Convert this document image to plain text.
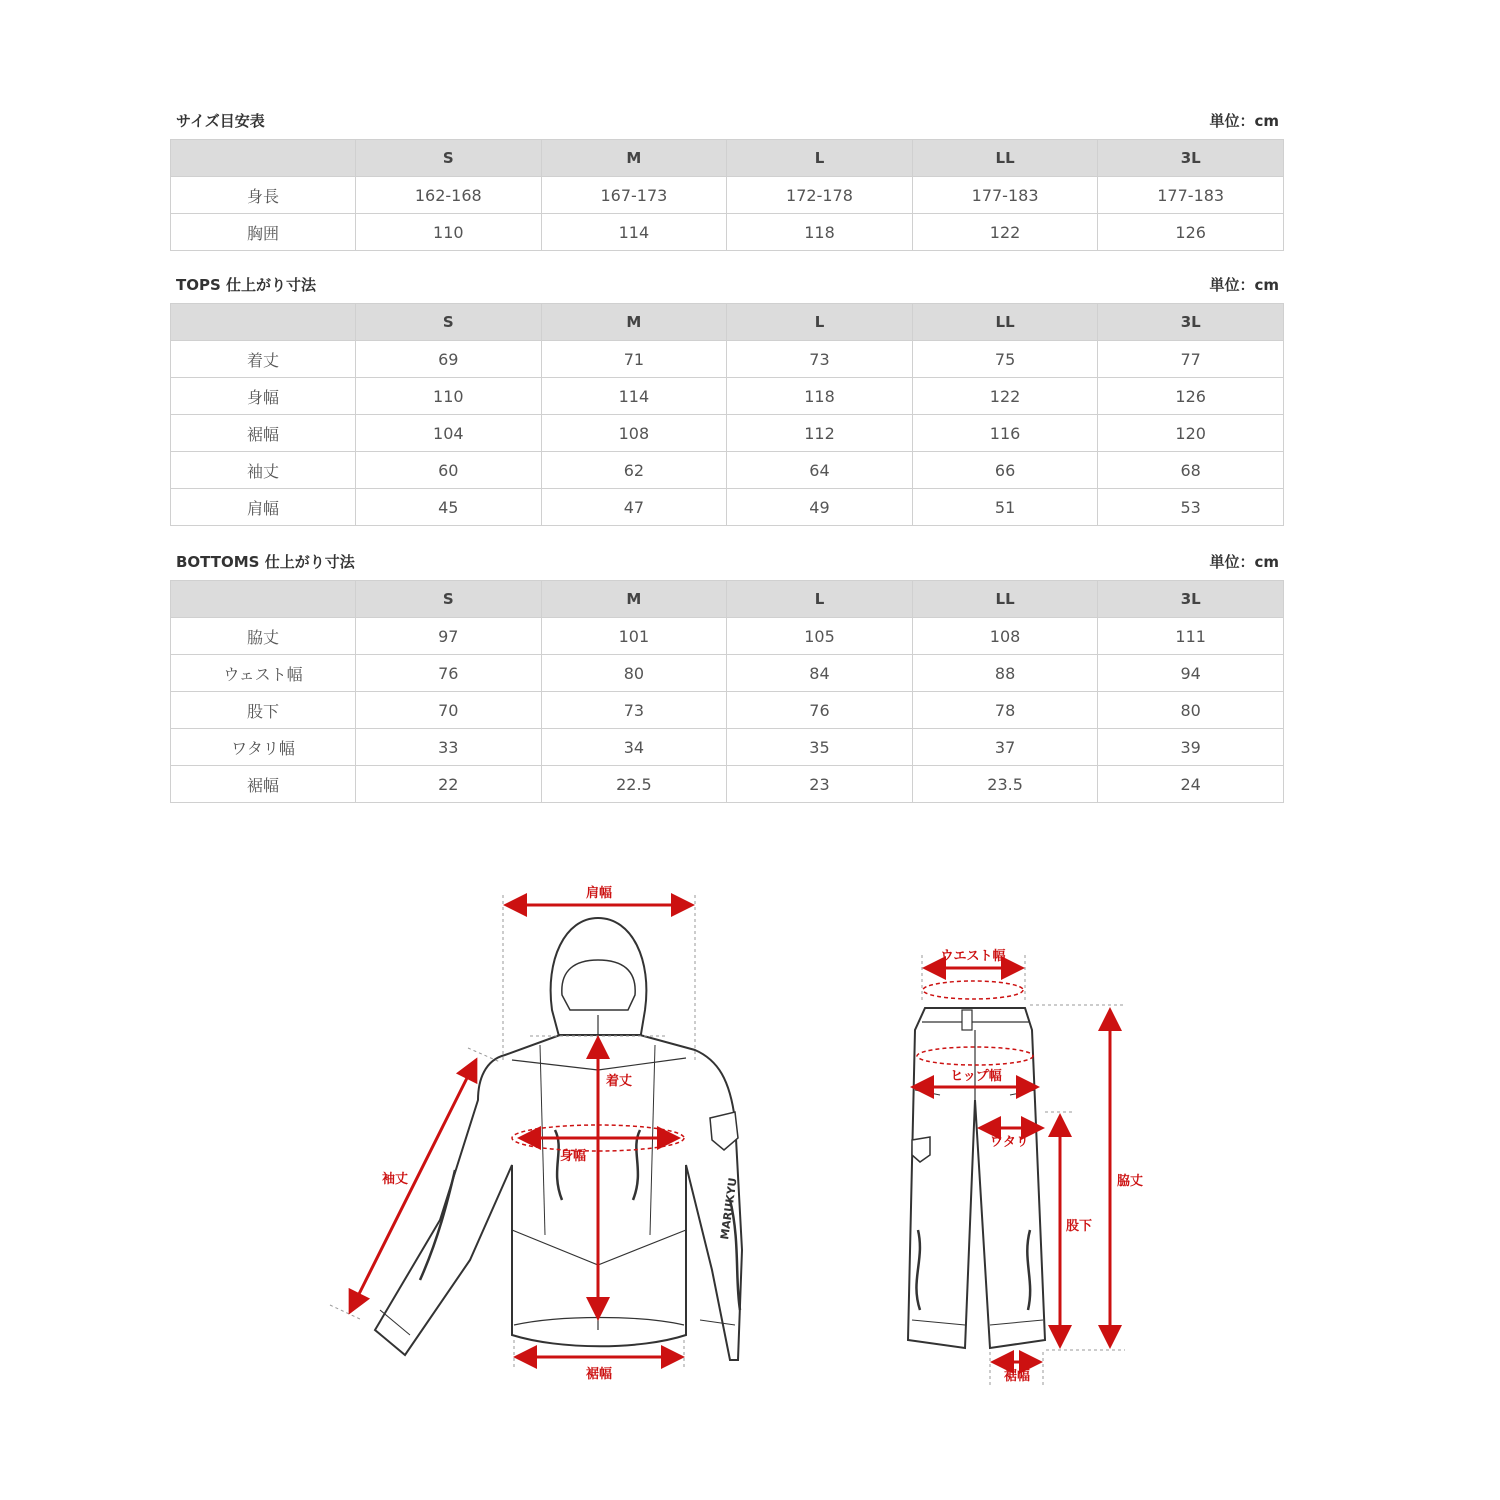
サイズ目安表	単位：cm
	S	M	L	LL	3L
身長	162-168	167-173	172-178	177-183	177-183
胸囲	110	114	118	122	126
TOPS 仕上がり寸法	単位：cm
	S	M	L	LL	3L
着丈	69	71	73	75	77
身幅	110	114	118	122	126
裾幅	104	108	112	116	120
袖丈	60	62	64	66	68
肩幅	45	47	49	51	53
BOTTOMS 仕上がり寸法	単位：cm
	S	M	L	LL	3L
脇丈	97	101	105	108	111
ウェスト幅	76	80	84	88	94
股下	70	73	76	78	80
ワタリ幅	33	34	35	37	39
裾幅	22	22.5	23	23.5	24
MARUKYU
肩幅
着丈
身幅
袖丈
裾幅
ウエスト幅
ヒップ幅
ワタリ
股下
脇丈
裾幅
